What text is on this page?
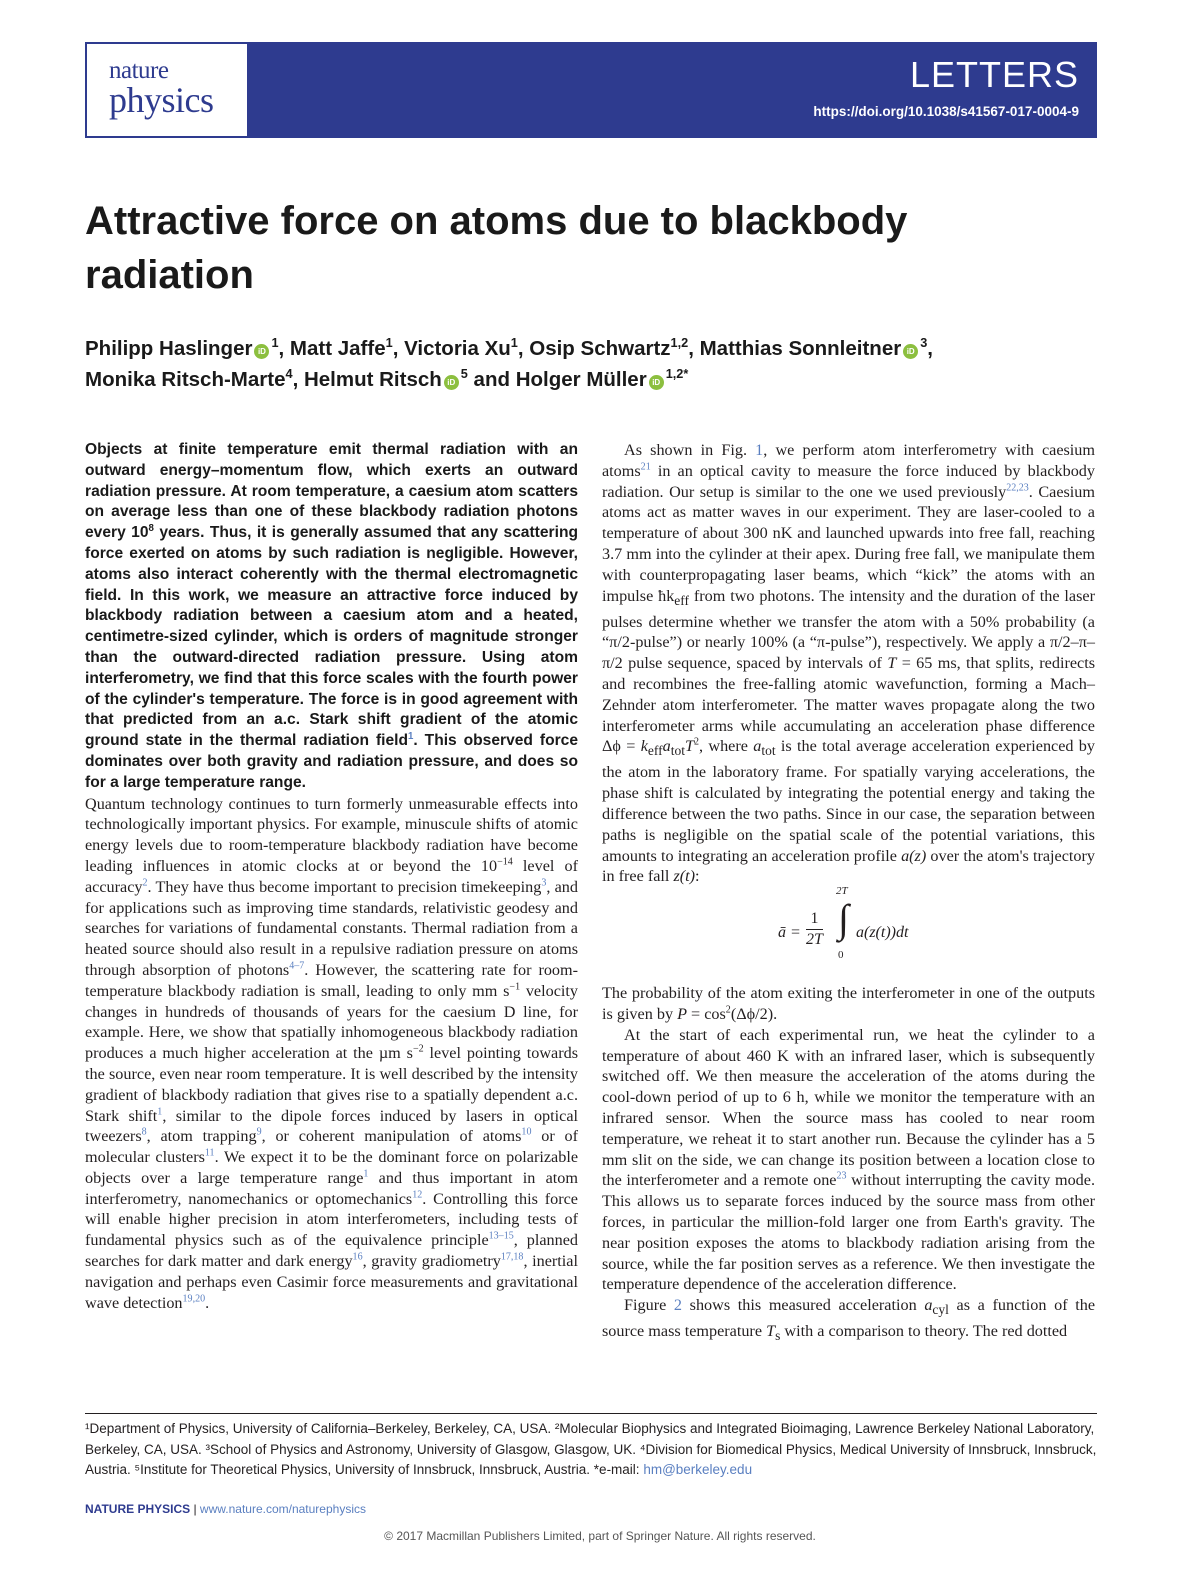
nature
physics
LETTERS
https://doi.org/10.1038/s41567-017-0004-9
Attractive force on atoms due to blackbody radiation
Philipp Haslinger $iD^1$, Matt Jaffe$^1$, Victoria Xu$^1$, Osip Schwartz$^{1,2}$, Matthias Sonnleitner $iD^3$,
Monika Ritsch-Marte$^4$, Helmut Ritsch $iD^5$ and Holger Müller $iD^{1,2*}$

Objects at finite temperature emit thermal radiation with an outward energy–momentum flow, which exerts an outward radiation pressure. At room temperature, a caesium atom scatters on average less than one of these blackbody radiation photons every $10^8$ years. Thus, it is generally assumed that any scattering force exerted on atoms by such radiation is negligible. However, atoms also interact coherently with the thermal electromagnetic field. In this work, we measure an attractive force induced by blackbody radiation between a caesium atom and a heated, centimetre-sized cylinder, which is orders of magnitude stronger than the outward-directed radiation pressure. Using atom interferometry, we find that this force scales with the fourth power of the cylinder's temperature. The force is in good agreement with that predicted from an a.c. Stark shift gradient of the atomic ground state in the thermal radiation field$^1$. This observed force dominates over both gravity and radiation pressure, and does so for a large temperature range.

Quantum technology continues to turn formerly unmeasurable effects into technologically important physics. For example, minuscule shifts of atomic energy levels due to room-temperature blackbody radiation have become leading influences in atomic clocks at or beyond the $10^{-14}$ level of accuracy$^2$. They have thus become important to precision timekeeping$^3$, and for applications such as improving time standards, relativistic geodesy and searches for variations of fundamental constants. Thermal radiation from a heated source should also result in a repulsive radiation pressure on atoms through absorption of photons$^{4-7}$. However, the scattering rate for room-temperature blackbody radiation is small, leading to only mm $s^{-1}$ velocity changes in hundreds of thousands of years for the caesium D line, for example. Here, we show that spatially inhomogeneous blackbody radiation produces a much higher acceleration at the µm $s^{-2}$ level pointing towards the source, even near room temperature. It is well described by the intensity gradient of blackbody radiation that gives rise to a spatially dependent a.c. Stark shift$^1$, similar to the dipole forces induced by lasers in optical tweezers$^8$, atom trapping$^9$, or coherent manipulation of atoms$^{10}$ or of molecular clusters$^{11}$. We expect it to be the dominant force on polarizable objects over a large temperature range$^1$ and thus important in atom interferometry, nanomechanics or optomechanics$^{12}$. Controlling this force will enable higher precision in atom interferometers, including tests of fundamental physics such as of the equivalence principle$^{13-15}$, planned searches for dark matter and dark energy$^{16}$, gravity gradiometry$^{17,18}$, inertial navigation and perhaps even Casimir force measurements and gravitational wave detection$^{19,20}$.

As shown in Fig. 1, we perform atom interferometry with caesium atoms$^{21}$ in an optical cavity to measure the force induced by blackbody radiation. Our setup is similar to the one we used previously$^{22,23}$. Caesium atoms act as matter waves in our experiment. They are laser-cooled to a temperature of about 300 nK and launched upwards into free fall, reaching 3.7 mm into the cylinder at their apex. During free fall, we manipulate them with counterpropagating laser beams, which “kick” the atoms with an impulse $ħk_{eff}$ from two photons. The intensity and the duration of the laser pulses determine whether we transfer the atom with a 50% probability (a “π/2-pulse”) or nearly 100% (a “π-pulse”), respectively. We apply a π/2–π–π/2 pulse sequence, spaced by intervals of T = 65 ms, that splits, redirects and recombines the free-falling atomic wavefunction, forming a Mach–Zehnder atom interferometer. The matter waves propagate along the two interferometer arms while accumulating an acceleration phase difference $\Delta\phi = k_{eff}a_{tot}T^2$, where $a_{tot}$ is the total average acceleration experienced by the atom in the laboratory frame. For spatially varying accelerations, the phase shift is calculated by integrating the potential energy and taking the difference between the two paths. Since in our case, the separation between paths is negligible on the spatial scale of the potential variations, this amounts to integrating an acceleration profile a(z) over the atom's trajectory in free fall z(t):

ā = $\frac{1}{2T}$
2T
∫
0
a(z(t))dt

The probability of the atom exiting the interferometer in one of the outputs is given by $P = \cos^2(\Delta\phi/2)$.

At the start of each experimental run, we heat the cylinder to a temperature of about 460 K with an infrared laser, which is subsequently switched off. We then measure the acceleration of the atoms during the cool-down period of up to 6 h, while we monitor the temperature with an infrared sensor. When the source mass has cooled to near room temperature, we reheat it to start another run. Because the cylinder has a 5 mm slit on the side, we can change its position between a location close to the interferometer and a remote one$^{23}$ without interrupting the cavity mode. This allows us to separate forces induced by the source mass from other forces, in particular the million-fold larger one from Earth's gravity. The near position exposes the atoms to blackbody radiation arising from the source, while the far position serves as a reference. We then investigate the temperature dependence of the acceleration difference.

Figure 2 shows this measured acceleration $a_{cyl}$ as a function of the source mass temperature $T_s$ with a comparison to theory. The red dotted

¹Department of Physics, University of California–Berkeley, Berkeley, CA, USA. ²Molecular Biophysics and Integrated Bioimaging, Lawrence Berkeley National Laboratory, Berkeley, CA, USA. ³School of Physics and Astronomy, University of Glasgow, Glasgow, UK. ⁴Division for Biomedical Physics, Medical University of Innsbruck, Innsbruck, Austria. ⁵Institute for Theoretical Physics, University of Innsbruck, Innsbruck, Austria. *e-mail: hm@berkeley.edu

NATURE PHYSICS | www.nature.com/naturephysics
© 2017 Macmillan Publishers Limited, part of Springer Nature. All rights reserved.
